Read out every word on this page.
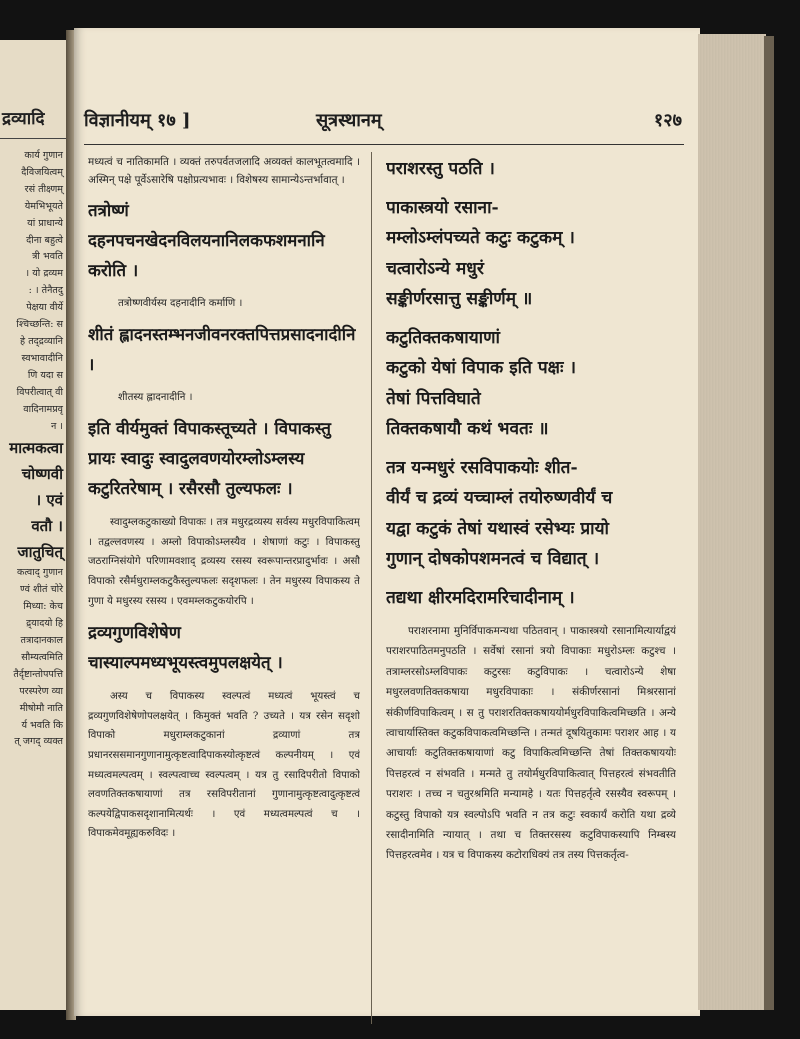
द्रव्यादि
कार्य गुणान
दैविजयित्वम्
रसं तीक्ष्णम्
येमभिभूयते
यां प्राधान्ये
दीना बहुत्वे
त्री भवति
। यो द्रव्यम
: । तेनैतदु
पेक्षया वीर्ये
श्चिच्छन्ति: स
हे तद्द्रव्यानि
स्वभावादीनि
णि यदा स
विपरीत्वात् वी
वादिनामप्रवृ
न ।
मात्मकत्वा
चोष्णवी
। एवं
वतौ ।
जातुचित्
कत्वाद् गुणान
ण्वं शीतं चोरे
मिध्या: केच
द्र्यादयो हि
तत्रादानकाल
सौम्यत्वमिति
तैर्दृष्टान्तोपपत्ति
परस्परेण व्या
मीषोमौ नाति
र्य भवति कि
त् जगद् व्यक्त
विज्ञानीयम् १७ ]	सूत्रस्थानम्	१२७

मध्यत्वं च नातिकामति । व्यक्तं तरुपर्वतजलादि अव्यक्तं कालभूतत्वमादि । अस्मिन् पक्षे पूर्वेऽसारेषि पक्षोप्रत्यभावः । विशेषस्य सामान्येऽन्तर्भावात् ।

तत्रोष्णं दहनपचनखेदनविलयनानिलकफशमनानि करोति ।

तत्रोष्णवीर्यस्य दहनादीनि कर्माणि ।

शीतं ह्लादनस्तम्भनजीवनरक्तपित्तप्रसादनादीनि ।

शीतस्य ह्लादनादीनि ।

इति वीर्यमुक्तं विपाकस्तूच्यते । विपाकस्तु प्रायः स्वादुः स्वादुलवणयोरम्लोऽम्लस्य कटुरितरेषाम् । रसैरसौ तुल्यफलः ।

स्वादुम्लकटुकाख्यो विपाकः । तत्र मधुरद्रव्यस्य सर्वस्य मधुरविपाकित्वम् । तद्वल्लवणस्य । अम्लो विपाकोऽम्लस्यैव । शेषाणां कटुः । विपाकस्तु जठराग्निसंयोगे परिणामवशाद् द्रव्यस्य रसस्य स्वरूपान्तरप्रादुर्भावः । असौ विपाको रसैर्मधुराम्लकटुकैस्तुल्यफलः सदृशफलः । तेन मधुरस्य विपाकस्य ते गुणा ये मधुरस्य रसस्य । एवमम्लकटुकयोरपि ।

द्रव्यगुणविशेषेण चास्याल्पमध्यभूयस्त्वमुपलक्षयेत् ।

अस्य च विपाकस्य स्वल्पत्वं मध्यत्वं भूयस्त्वं च द्रव्यगुणविशेषेणोपलक्षयेत् । किमुक्तं भवति ? उच्यते । यत्र रसेन सदृशो विपाको मधुराम्लकटुकानां द्रव्याणां तत्र प्रधानरससमानगुणानामुत्कृष्टत्वादिपाकस्योत्कृष्टत्वं कल्पनीयम् । एवं मध्यत्वमल्पत्वम् । स्वल्पत्वाच्च स्वल्पत्वम् । यत्र तु रसादिपरीतो विपाको लवणतिक्तकषायाणां तत्र रसविपरीतानां गुणानामुत्कृष्टत्वादुत्कृष्टत्वं कल्पयेद्विपाकसदृशानामित्यर्थः । एवं मध्यत्वमल्पत्वं च । विपाकमेवमूह्यकरुविदः ।

पराशरस्तु पठति ।

पाकास्त्रयो रसाना-
मम्लोऽम्लंपच्यते कटुः कटुकम् ।
चत्वारोऽन्ये मधुरं
सङ्कीर्णरसात्तु सङ्कीर्णम् ॥

कटुतिक्तकषायाणां
कटुको येषां विपाक इति पक्षः ।
तेषां पित्तविघाते
तिक्तकषायौ कथं भवतः ॥

तत्र यन्मधुरं रसविपाकयोः शीत-
वीर्यं च द्रव्यं यच्चाम्लं तयोरुष्णवीर्यं च
यद्वा कटुकं तेषां यथास्वं रसेभ्यः प्रायो
गुणान् दोषकोपशमनत्वं च विद्यात् ।

तद्यथा क्षीरमदिरामरिचादीनाम् ।

पराशरनामा मुनिर्विपाकमन्यथा पठितवान् । पाकास्त्रयो रसानामित्यार्याद्वयं पराशरपाठितमनुपठति । सर्वेषां रसानां त्रयो विपाकाः मधुरोऽम्लः कटुश्च । तत्राम्लरसोऽम्लविपाकः कटुरसः कटुविपाकः । चत्वारोऽन्ये शेषा मधुरलवणतिक्तकषाया मधुरविपाकाः । संकीर्णरसानां मिश्ररसानां संकीर्णविपाकित्वम् । स तु पराशरतिक्तकषाययोर्मधुरविपाकित्वमिच्छति । अन्ये त्वाचार्यास्तिक्त कटुकविपाकत्वमिच्छन्ति । तन्मतं दूषयितुकामः पराशर आह । य आचार्याः कटुतिक्तकषायाणां कटु विपाकित्वमिच्छन्ति तेषां तिक्तकषाययोः पित्तहरत्वं न संभवति । मन्मते तु तयोर्मधुरविपाकित्वात् पित्तहरत्वं संभवतीति पराशरः । तच्च न चतुरश्रमिति मन्यामहे । यतः पित्तहर्तृत्वे रसस्यैव स्वरूपम् । कटुस्तु विपाको यत्र स्वल्पोऽपि भवति न तत्र कटुः स्वकार्यं करोति यथा द्रव्ये रसादीनामिति न्यायात् । तथा च तिक्तरसस्य कटुविपाकस्यापि निम्बस्य पित्तहरत्वमेव । यत्र च विपाकस्य कटोराधिक्यं तत्र तस्य पित्तकर्तृत्व-
